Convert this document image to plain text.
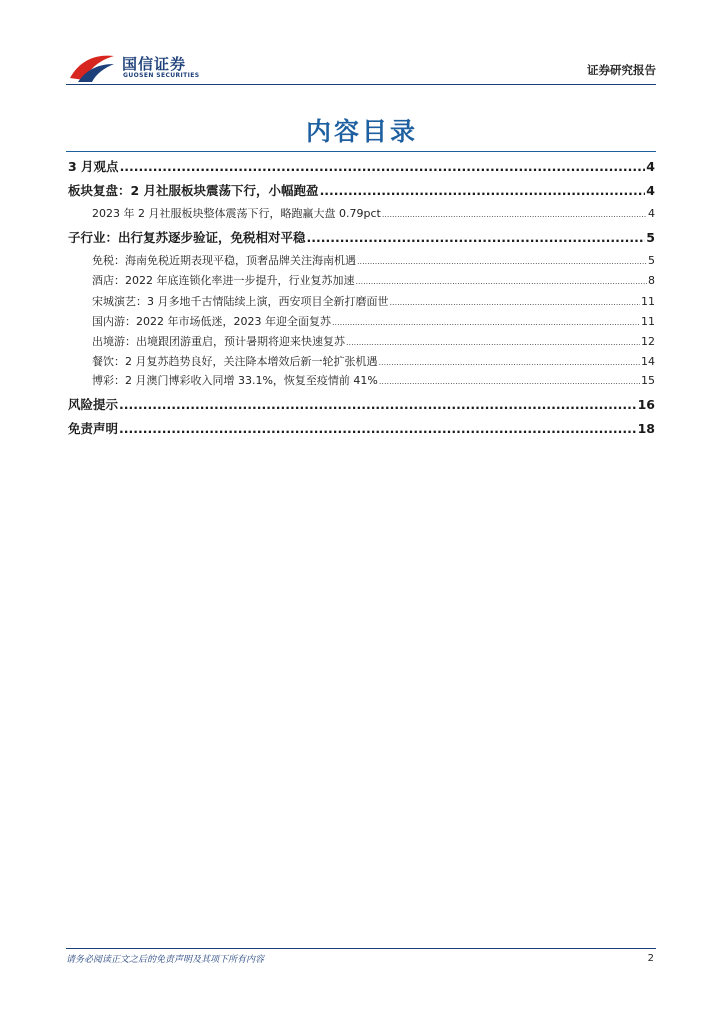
国信证券
GUOSEN SECURITIES	证券研究报告
内容目录
3 月观点 .....	4
板块复盘：2 月社服板块震荡下行，小幅跑盈 .....	4
2023 年 2 月社服板块整体震荡下行，略跑赢大盘 0.79pct .....	4
子行业：出行复苏逐步验证，免税相对平稳 .....	5
免税：海南免税近期表现平稳，顶奢品牌关注海南机遇 .....	5
酒店：2022 年底连锁化率进一步提升，行业复苏加速 .....	8
宋城演艺：3 月多地千古情陆续上演，西安项目全新打磨面世 .....	11
国内游：2022 年市场低迷，2023 年迎全面复苏 .....	11
出境游：出境跟团游重启，预计暑期将迎来快速复苏 .....	12
餐饮：2 月复苏趋势良好，关注降本增效后新一轮扩张机遇 .....	14
博彩：2 月澳门博彩收入同增 33.1%，恢复至疫情前 41% .....	15
风险提示 .....	16
免责声明 .....	18
请务必阅读正文之后的免责声明及其项下所有内容	2
